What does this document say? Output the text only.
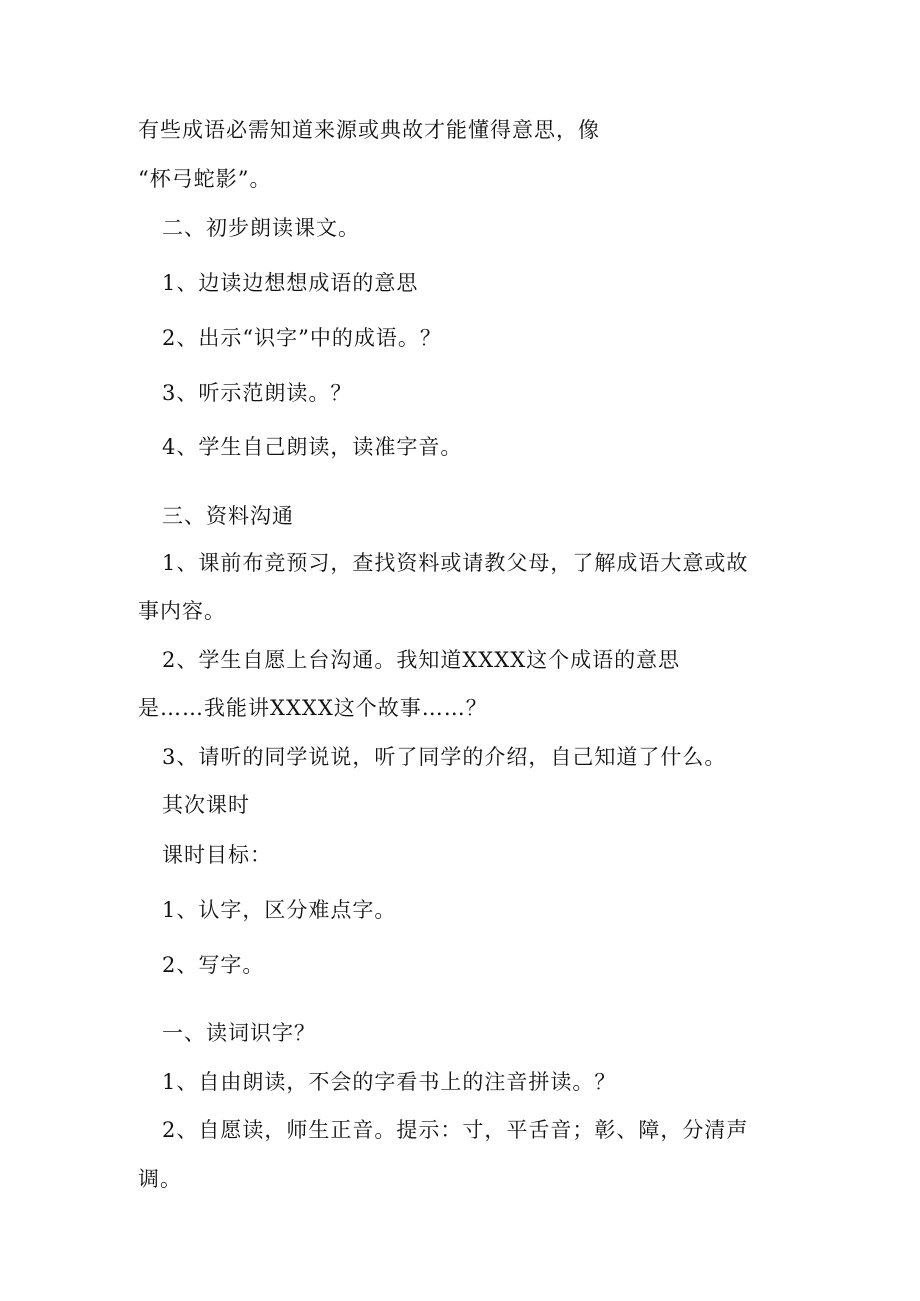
有些成语必需知道来源或典故才能懂得意思，像
“杯弓蛇影”。
二、初步朗读课文。
1、边读边想想成语的意思
2、出示“识字”中的成语。？
3、听示范朗读。？
4、学生自己朗读，读准字音。
三、资料沟通
1、课前布竞预习，查找资料或请教父母，了解成语大意或故
事内容。
2、学生自愿上台沟通。我知道XXXX这个成语的意思
是……我能讲XXXX这个故事……？
3、请听的同学说说，听了同学的介绍，自己知道了什么。
其次课时
课时目标：
1、认字，区分难点字。
2、写字。
一、读词识字？
1、自由朗读，不会的字看书上的注音拼读。？
2、自愿读，师生正音。提示：寸，平舌音；彰、障，分清声
调。
